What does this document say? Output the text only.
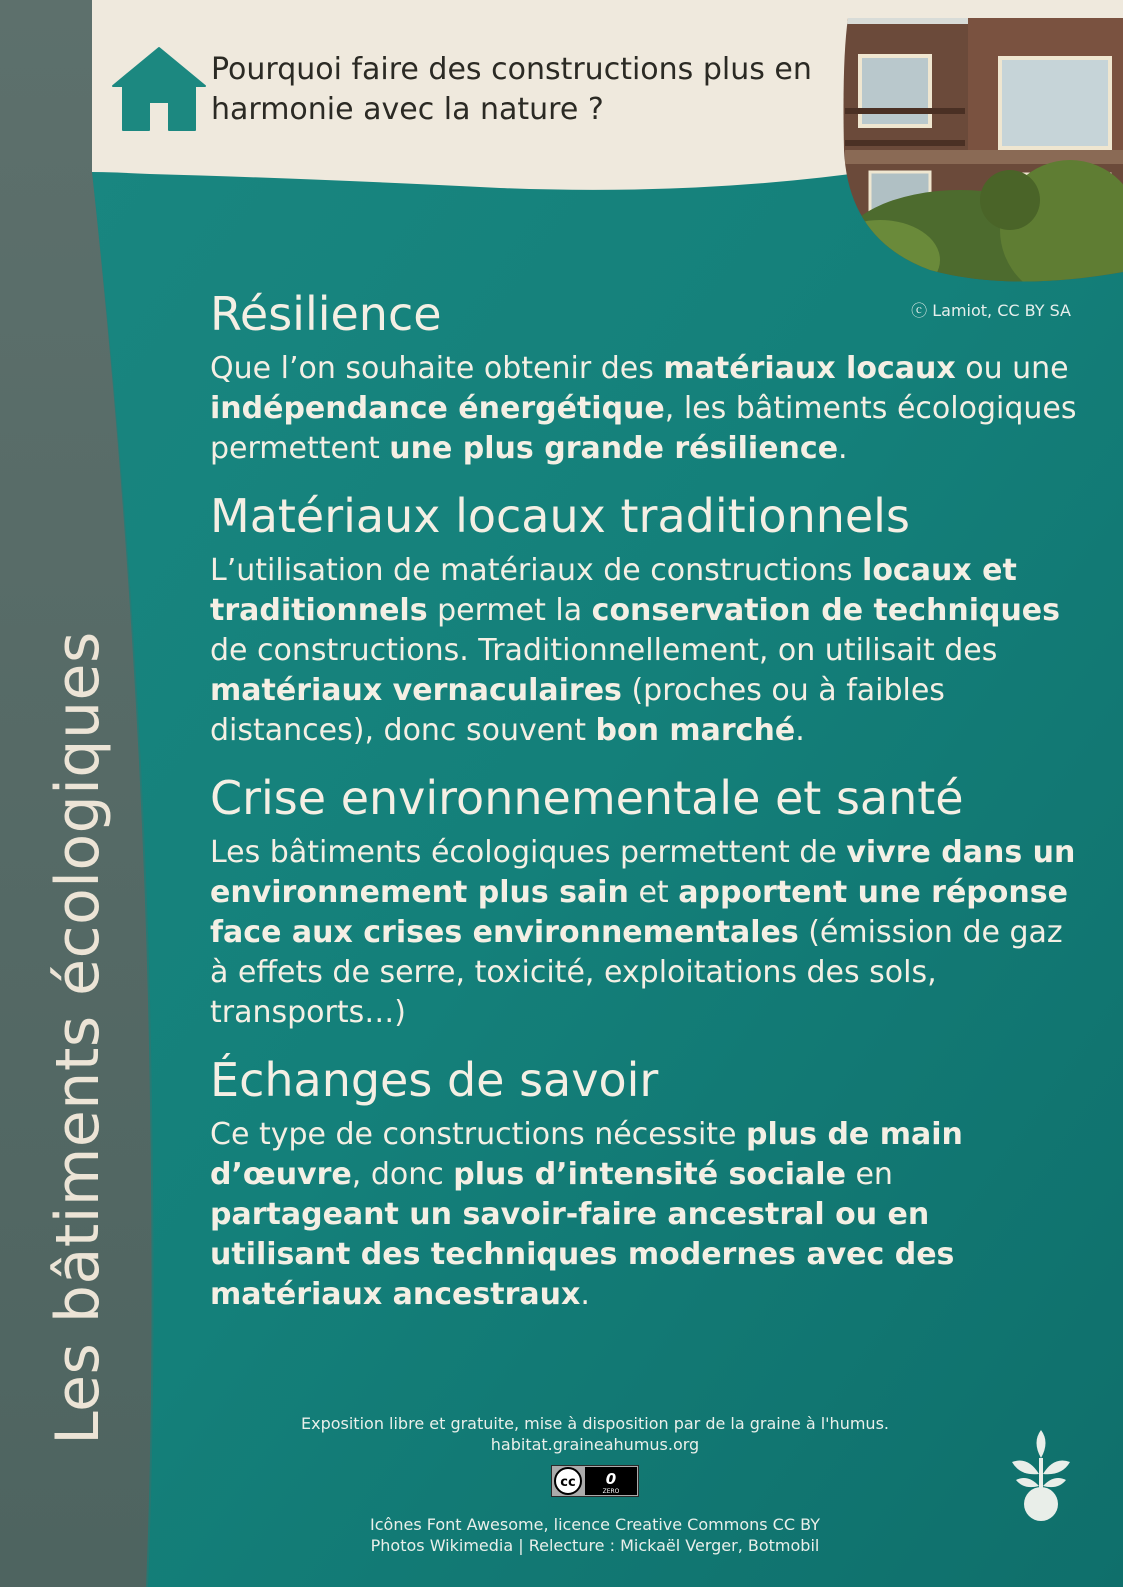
Pourquoi faire des constructions plus en harmonie avec la nature ?
ⓒ︎ Lamiot, CC BY SA
Les bâtiments écologiques
Résilience

Que l’on souhaite obtenir des matériaux locaux ou une indépendance énergétique, les bâtiments écologiques permettent une plus grande résilience.

Matériaux locaux traditionnels

L’utilisation de matériaux de constructions locaux et traditionnels permet la conservation de techniques de constructions. Traditionnellement, on utilisait des matériaux vernaculaires (proches ou à faibles distances), donc souvent bon marché.

Crise environnementale et santé

Les bâtiments écologiques permettent de vivre dans un environnement plus sain et apportent une réponse face aux crises environnementales (émission de gaz à effets de serre, toxicité, exploitations des sols, transports…)

Échanges de savoir

Ce type de constructions nécessite plus de main d’œuvre, donc plus d’intensité sociale en partageant un savoir-faire ancestral ou en utilisant des techniques modernes avec des matériaux ancestraux.

Exposition libre et gratuite, mise à disposition par de la graine à l'humus.
habitat.graineahumus.org
cc 0
ZERO
Icônes Font Awesome, licence Creative Commons CC BY
Photos Wikimedia | Relecture : Mickaël Verger, Botmobil
